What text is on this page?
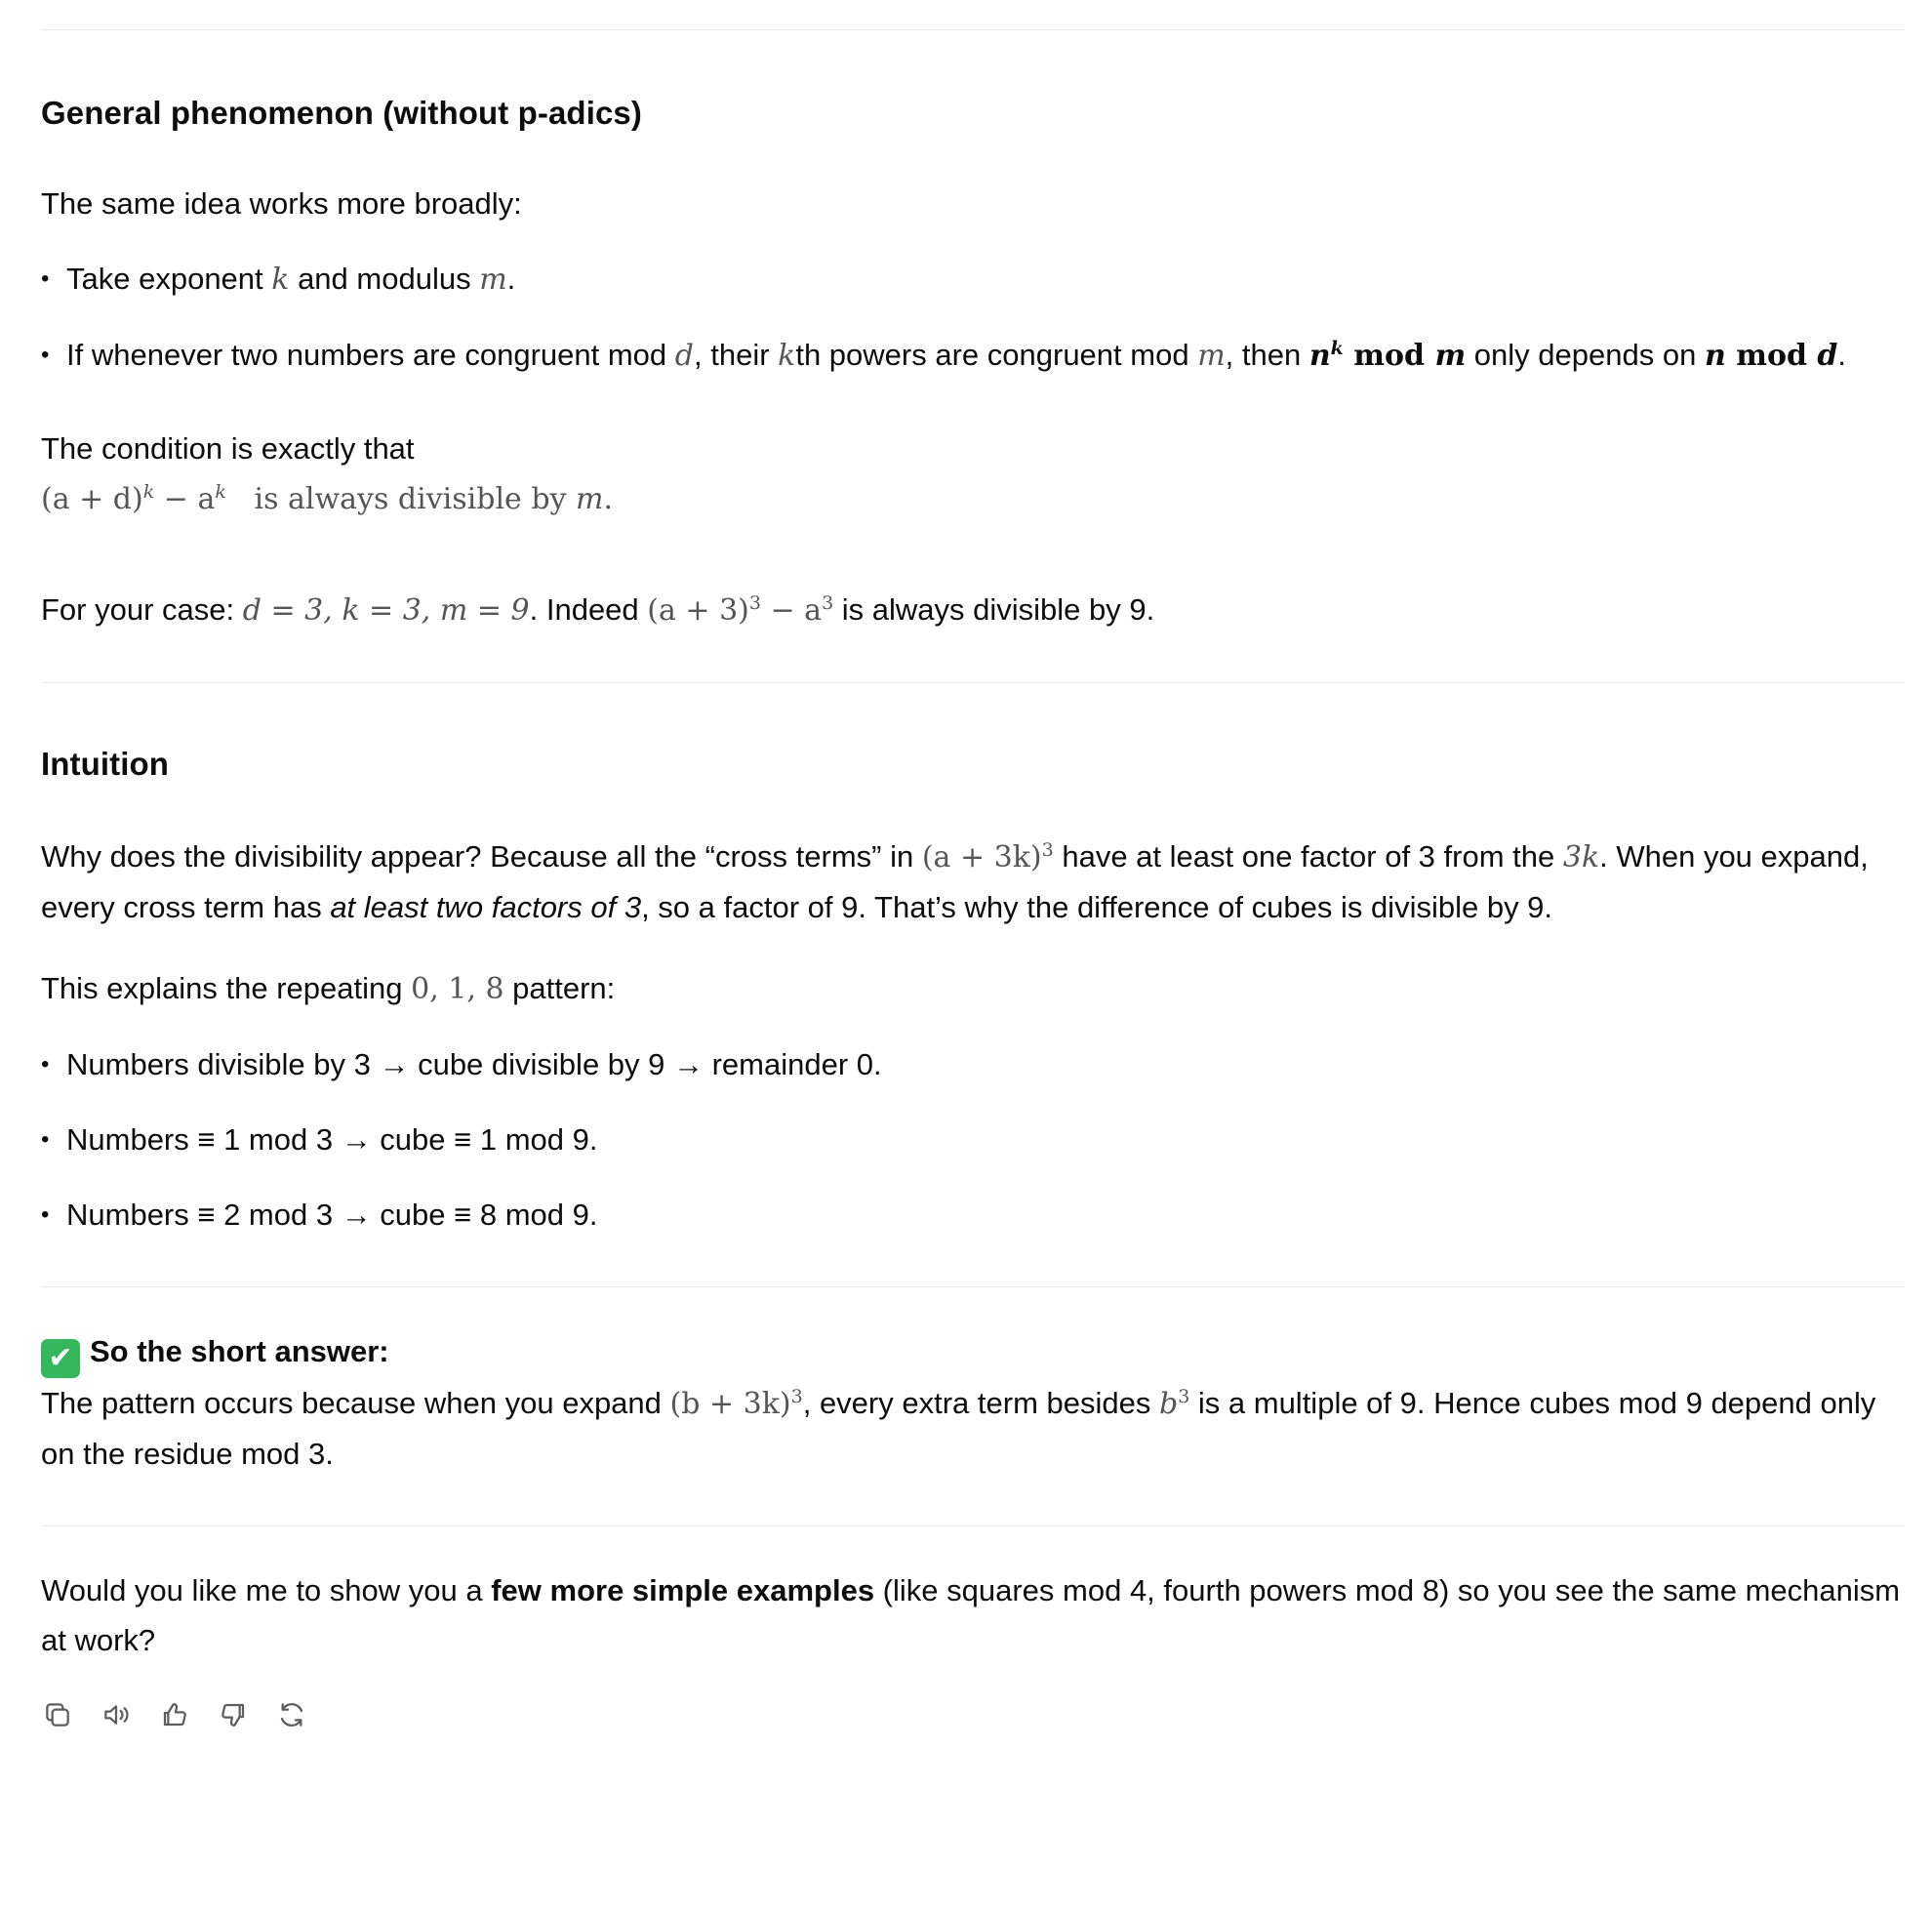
General phenomenon (without p-adics)

The same idea works more broadly:

• Take exponent k and modulus m.
• If whenever two numbers are congruent mod d, their kth powers are congruent mod m, then $n^k$ mod m only depends on n mod d.

The condition is exactly that

$(a + d)^k - a^k$   is always divisible by m.

For your case: d = 3, k = 3, m = 9. Indeed $(a + 3)^3 - a^3$ is always divisible by 9.

Intuition

Why does the divisibility appear? Because all the “cross terms” in $(a + 3k)^3$ have at least one factor of 3 from the 3k. When you expand, every cross term has at least two factors of 3, so a factor of 9. That’s why the difference of cubes is divisible by 9.

This explains the repeating 0, 1, 8 pattern:

• Numbers divisible by 3 → cube divisible by 9 → remainder 0.
• Numbers ≡ 1 mod 3 → cube ≡ 1 mod 9.
• Numbers ≡ 2 mod 3 → cube ≡ 8 mod 9.

✔ So the short answer:

The pattern occurs because when you expand $(b + 3k)^3$, every extra term besides $b^3$ is a multiple of 9. Hence cubes mod 9 depend only on the residue mod 3.

Would you like me to show you a few more simple examples (like squares mod 4, fourth powers mod 8) so you see the same mechanism at work?
